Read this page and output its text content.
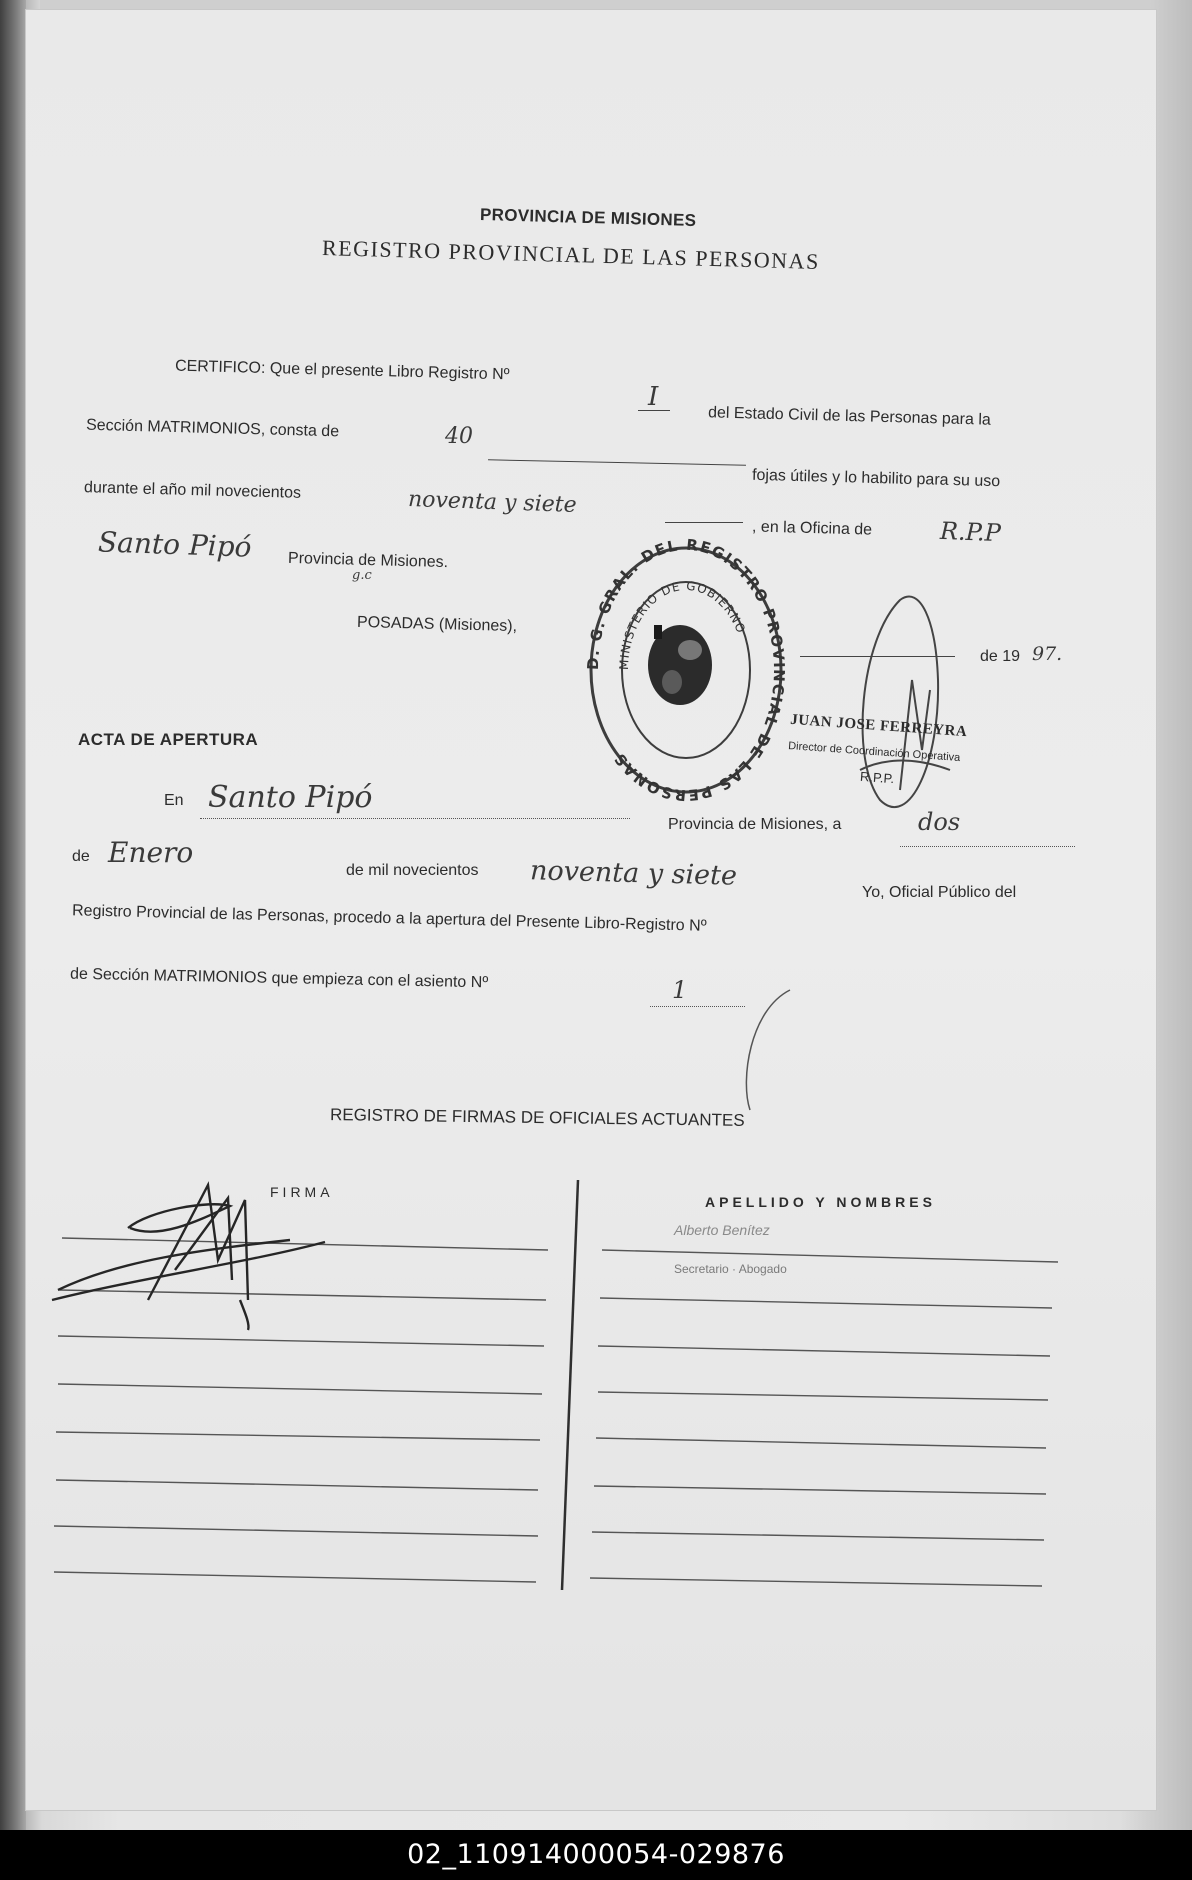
PROVINCIA DE MISIONES
REGISTRO PROVINCIAL DE LAS PERSONAS
CERTIFICO: Que el presente Libro Registro Nº
I
del Estado Civil de las Personas para la
Sección MATRIMONIOS, consta de	40
fojas útiles y lo habilito para su uso
durante el año mil novecientos	noventa y siete
, en la Oficina de	R.P.P
Santo Pipó Provincia de Misiones.
g.c
POSADAS (Misiones),
de 19 97.
D. G. GRAL. DEL REGISTRO PROVINCIAL DE LAS PERSONAS
MINISTERIO DE GOBIERNO
JUAN JOSE FERREYRA
Director de Coordinación Operativa
R.P.P.
ACTA DE APERTURA
En Santo Pipó
Provincia de Misiones, a	dos
de Enero
de mil novecientos noventa y siete
Yo, Oficial Público del
Registro Provincial de las Personas, procedo a la apertura del Presente Libro-Registro Nº
de Sección MATRIMONIOS que empieza con el asiento Nº	1
REGISTRO DE FIRMAS DE OFICIALES ACTUANTES
FIRMA
APELLIDO Y NOMBRES
Alberto Benítez
Secretario · Abogado
02_110914000054-029876
